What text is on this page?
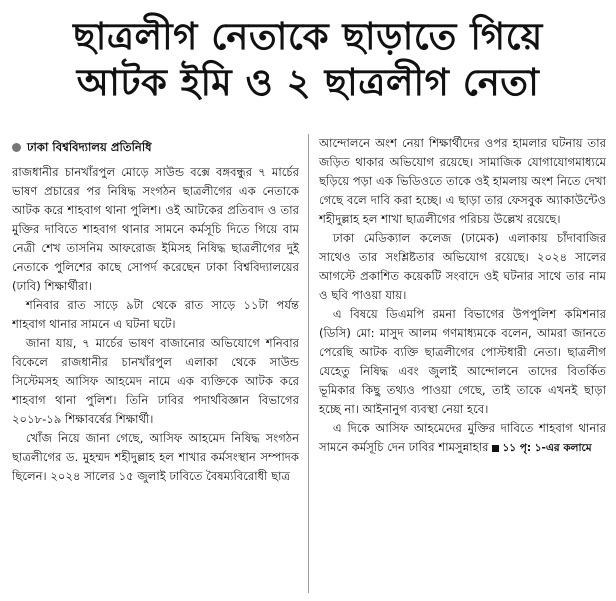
ছাত্রলীগ নেতাকে ছাড়াতে গিয়ে
আটক ইমি ও ২ ছাত্রলীগ নেতা
ঢাকা বিশ্ববিদ্যালয় প্রতিনিধি

রাজধানীর চানখাঁরপুল মোড়ে সাউন্ড বক্সে বঙ্গবন্ধুর ৭ মার্চের ভাষণ প্রচারের পর নিষিদ্ধ সংগঠন ছাত্রলীগের এক নেতাকে আটক করে শাহবাগ থানা পুলিশ। ওই আটকের প্রতিবাদ ও তার মুক্তির দাবিতে শাহবাগ থানার সামনে কর্মসূচি দিতে গিয়ে বাম নেত্রী শেখ তাসনিম আফরোজ ইমিসহ নিষিদ্ধ ছাত্রলীগের দুই নেতাকে পুলিশের কাছে সোপর্দ করেছেন ঢাকা বিশ্ববিদ্যালয়ের (ঢাবি) শিক্ষার্থীরা।

শনিবার রাত সাড়ে ৯টা থেকে রাত সাড়ে ১১টা পর্যন্ত শাহবাগ থানার সামনে এ ঘটনা ঘটে।

জানা যায়, ৭ মার্চের ভাষণ বাজানোর অভিযোগে শনিবার বিকেলে রাজধানীর চানখাঁরপুল এলাকা থেকে সাউন্ড সিস্টেমসহ আসিফ আহমেদ নামে এক ব্যক্তিকে আটক করে শাহবাগ থানা পুলিশ। তিনি ঢাবির পদার্থবিজ্ঞান বিভাগের ২০১৮-১৯ শিক্ষাবর্ষের শিক্ষার্থী।

খোঁজ নিয়ে জানা গেছে, আসিফ আহমেদ নিষিদ্ধ সংগঠন ছাত্রলীগের ড. মুহম্মদ শহীদুল্লাহ হল শাখার কর্মসংস্থান সম্পাদক ছিলেন। ২০২৪ সালের ১৫ জুলাই ঢাবিতে বৈষম্যবিরোধী ছাত্র

আন্দোলনে অংশ নেয়া শিক্ষার্থীদের ওপর হামলার ঘটনায় তার জড়িত থাকার অভিযোগ রয়েছে। সামাজিক যোগাযোগমাধ্যমে ছড়িয়ে পড়া এক ভিডিওতে তাকে ওই হামলায় অংশ নিতে দেখা গেছে বলে দাবি করা হচ্ছে। এ ছাড়া তার ফেসবুক অ্যাকাউন্টেও শহীদুল্লাহ হল শাখা ছাত্রলীগের পরিচয় উল্লেখ রয়েছে।

ঢাকা মেডিক্যাল কলেজ (ঢামেক) এলাকায় চাঁদাবাজির সাথেও তার সংশ্লিষ্টতার অভিযোগ রয়েছে। ২০২৪ সালের আগস্টে প্রকাশিত কয়েকটি সংবাদে ওই ঘটনার সাথে তার নাম ও ছবি পাওয়া যায়।

এ বিষয়ে ডিএমপি রমনা বিভাগের উপপুলিশ কমিশনার (ডিসি) মো: মাসুদ আলম গণমাধ্যমকে বলেন, আমরা জানতে পেরেছি আটক ব্যক্তি ছাত্রলীগের পোস্টধারী নেতা। ছাত্রলীগ যেহেতু নিষিদ্ধ এবং জুলাই আন্দোলনে তাদের বিতর্কিত ভূমিকার কিছু তথ্যও পাওয়া গেছে, তাই তাকে এখনই ছাড়া হচ্ছে না। আইনানুগ ব্যবস্থা নেয়া হবে।

এ দিকে আসিফ আহমেদের মুক্তির দাবিতে শাহবাগ থানার সামনে কর্মসূচি দেন ঢাবির শামসুন্নাহার ১১ পৃ: ১-এর কলামে
